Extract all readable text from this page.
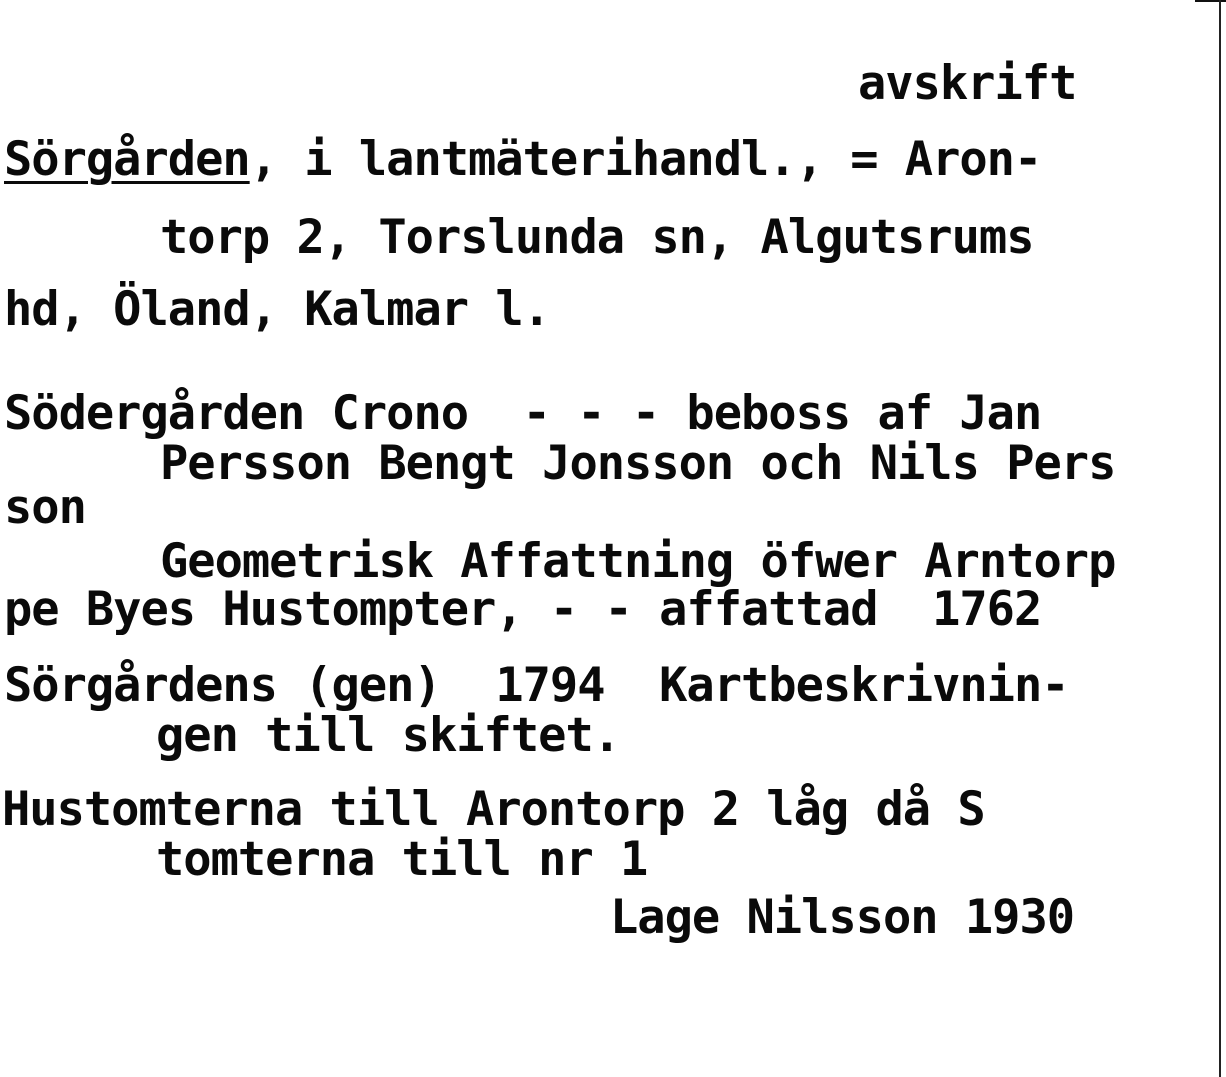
avskrift

Sörgården, i lantmäterihandl., = Aron-

torp 2, Torslunda sn, Algutsrums

hd, Öland, Kalmar l.

Södergården Crono  - - - beboss af Jan

Persson Bengt Jonsson och Nils Pers

son

Geometrisk Affattning öfwer Arntorp

pe Byes Hustompter, - - affattad  1762

Sörgårdens (gen)  1794  Kartbeskrivnin-

gen till skiftet.

Hustomterna till Arontorp 2 låg då S

tomterna till nr 1

Lage Nilsson 1930
